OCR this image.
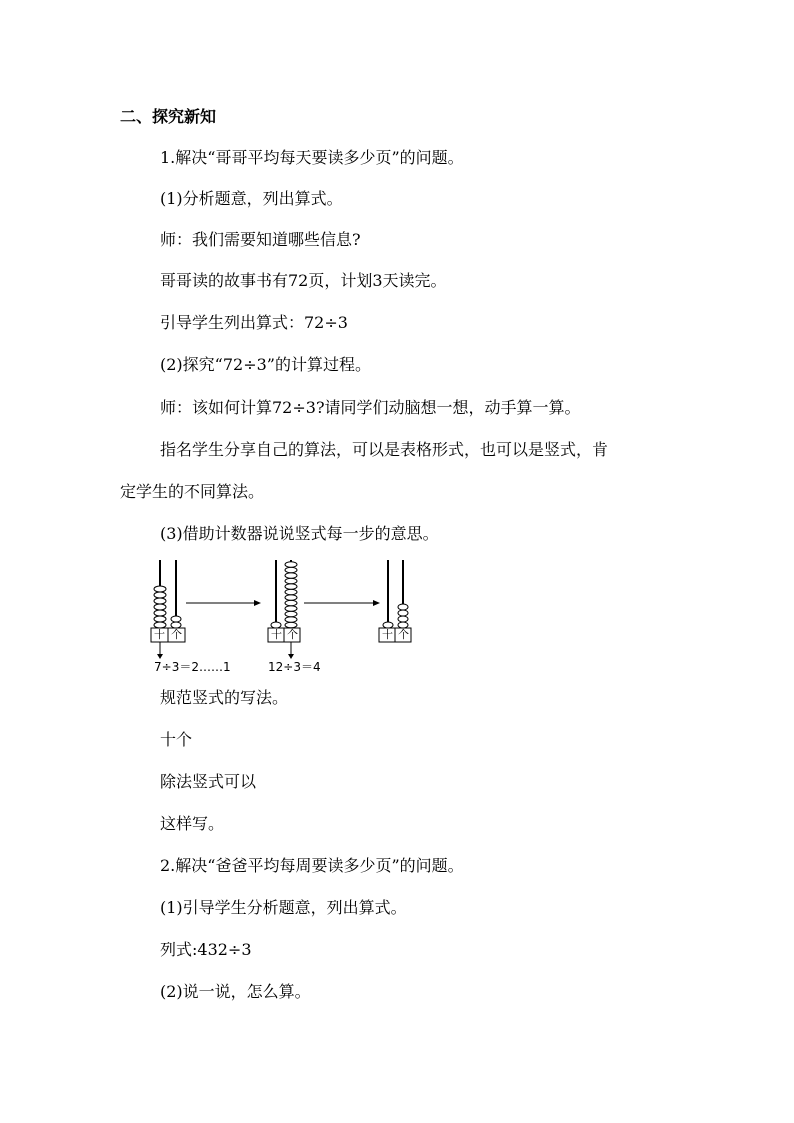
二、探究新知
1.解决“哥哥平均每天要读多少页”的问题。
(1)分析题意，列出算式。
师：我们需要知道哪些信息?
哥哥读的故事书有72页，计划3天读完。
引导学生列出算式：72÷3
(2)探究“72÷3”的计算过程。
师：该如何计算72÷3?请同学们动脑想一想，动手算一算。
指名学生分享自己的算法，可以是表格形式，也可以是竖式，肯
定学生的不同算法。
(3)借助计数器说说竖式每一步的意思。
十 个	十 个	十 个
7÷3＝2……1	12÷3＝4
规范竖式的写法。
十个
除法竖式可以
这样写。
2.解决“爸爸平均每周要读多少页”的问题。
(1)引导学生分析题意，列出算式。
列式:432÷3
(2)说一说，怎么算。
